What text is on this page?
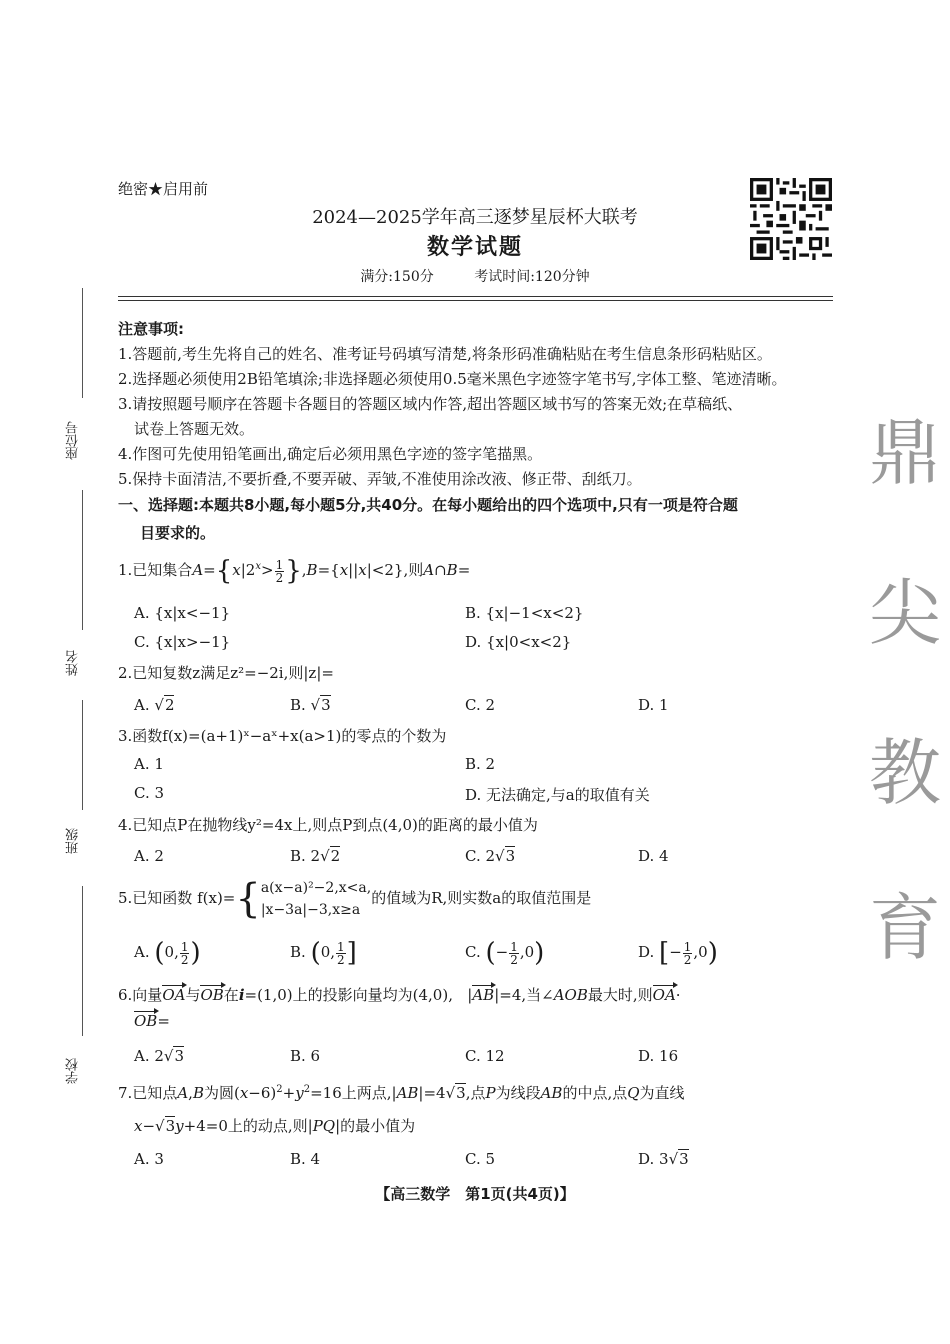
绝密★启用前
2024—2025学年高三逐梦星辰杯大联考
数学试题
满分:150分	考试时间:120分钟
座位号
姓名
班级
学校
鼎
尖
教
育
注意事项:
1.答题前,考生先将自己的姓名、准考证号码填写清楚,将条形码准确粘贴在考生信息条形码粘贴区。
2.选择题必须使用2B铅笔填涂;非选择题必须使用0.5毫米黑色字迹签字笔书写,字体工整、笔迹清晰。
3.请按照题号顺序在答题卡各题目的答题区域内作答,超出答题区域书写的答案无效;在草稿纸、
试卷上答题无效。
4.作图可先使用铅笔画出,确定后必须用黑色字迹的签字笔描黑。
5.保持卡面清洁,不要折叠,不要弄破、弄皱,不准使用涂改液、修正带、刮纸刀。
一、选择题:本题共8小题,每小题5分,共40分。在每小题给出的四个选项中,只有一项是符合题
目要求的。
1.已知集合$A=\{x|2^x> \frac{1}{2} \},B=\{x||x|<2\}$,则A∩B=
A. {x|x<−1}	B. {x|−1<x<2}
C. {x|x>−1}	D. {x|0<x<2}
2.已知复数z满足z²=−2i,则|z|=
A. √2	B. √3	C. 2	D. 1
3.函数f(x)=(a+1)ˣ−aˣ+x(a>1)的零点的个数为
A. 1	B. 2
C. 3	D. 无法确定,与a的取值有关
4.已知点P在抛物线y²=4x上,则点P到点(4,0)的距离的最小值为
A. 2	B. 2√2	C. 2√3	D. 4
5.已知函数 f(x)={a(x−a)²−2,x<a,
|x−3a|−3,x≥a的值域为R,则实数a的取值范围是
A. (0, $\frac{1}{2}$ )	B. (0, $\frac{1}{2}$ ]	C. (− $\frac{1}{2} ,0$)	D. [− $\frac{1}{2} ,0$)
6.向量OA与OB在i=(1,0)上的投影向量均为(4,0),   |AB|=4,当∠AOB最大时,则OA·
OB=
A. 2√3	B. 6	C. 12	D. 16
7.已知点A,B为圆$(x-6)^2+y^2=16$上两点,|AB|=4√3,点P为线段AB的中点,点Q为直线
x−√3y+4=0上的动点,则|PQ|的最小值为
A. 3	B. 4	C. 5	D. 3√3
【高三数学　第1页(共4页)】
